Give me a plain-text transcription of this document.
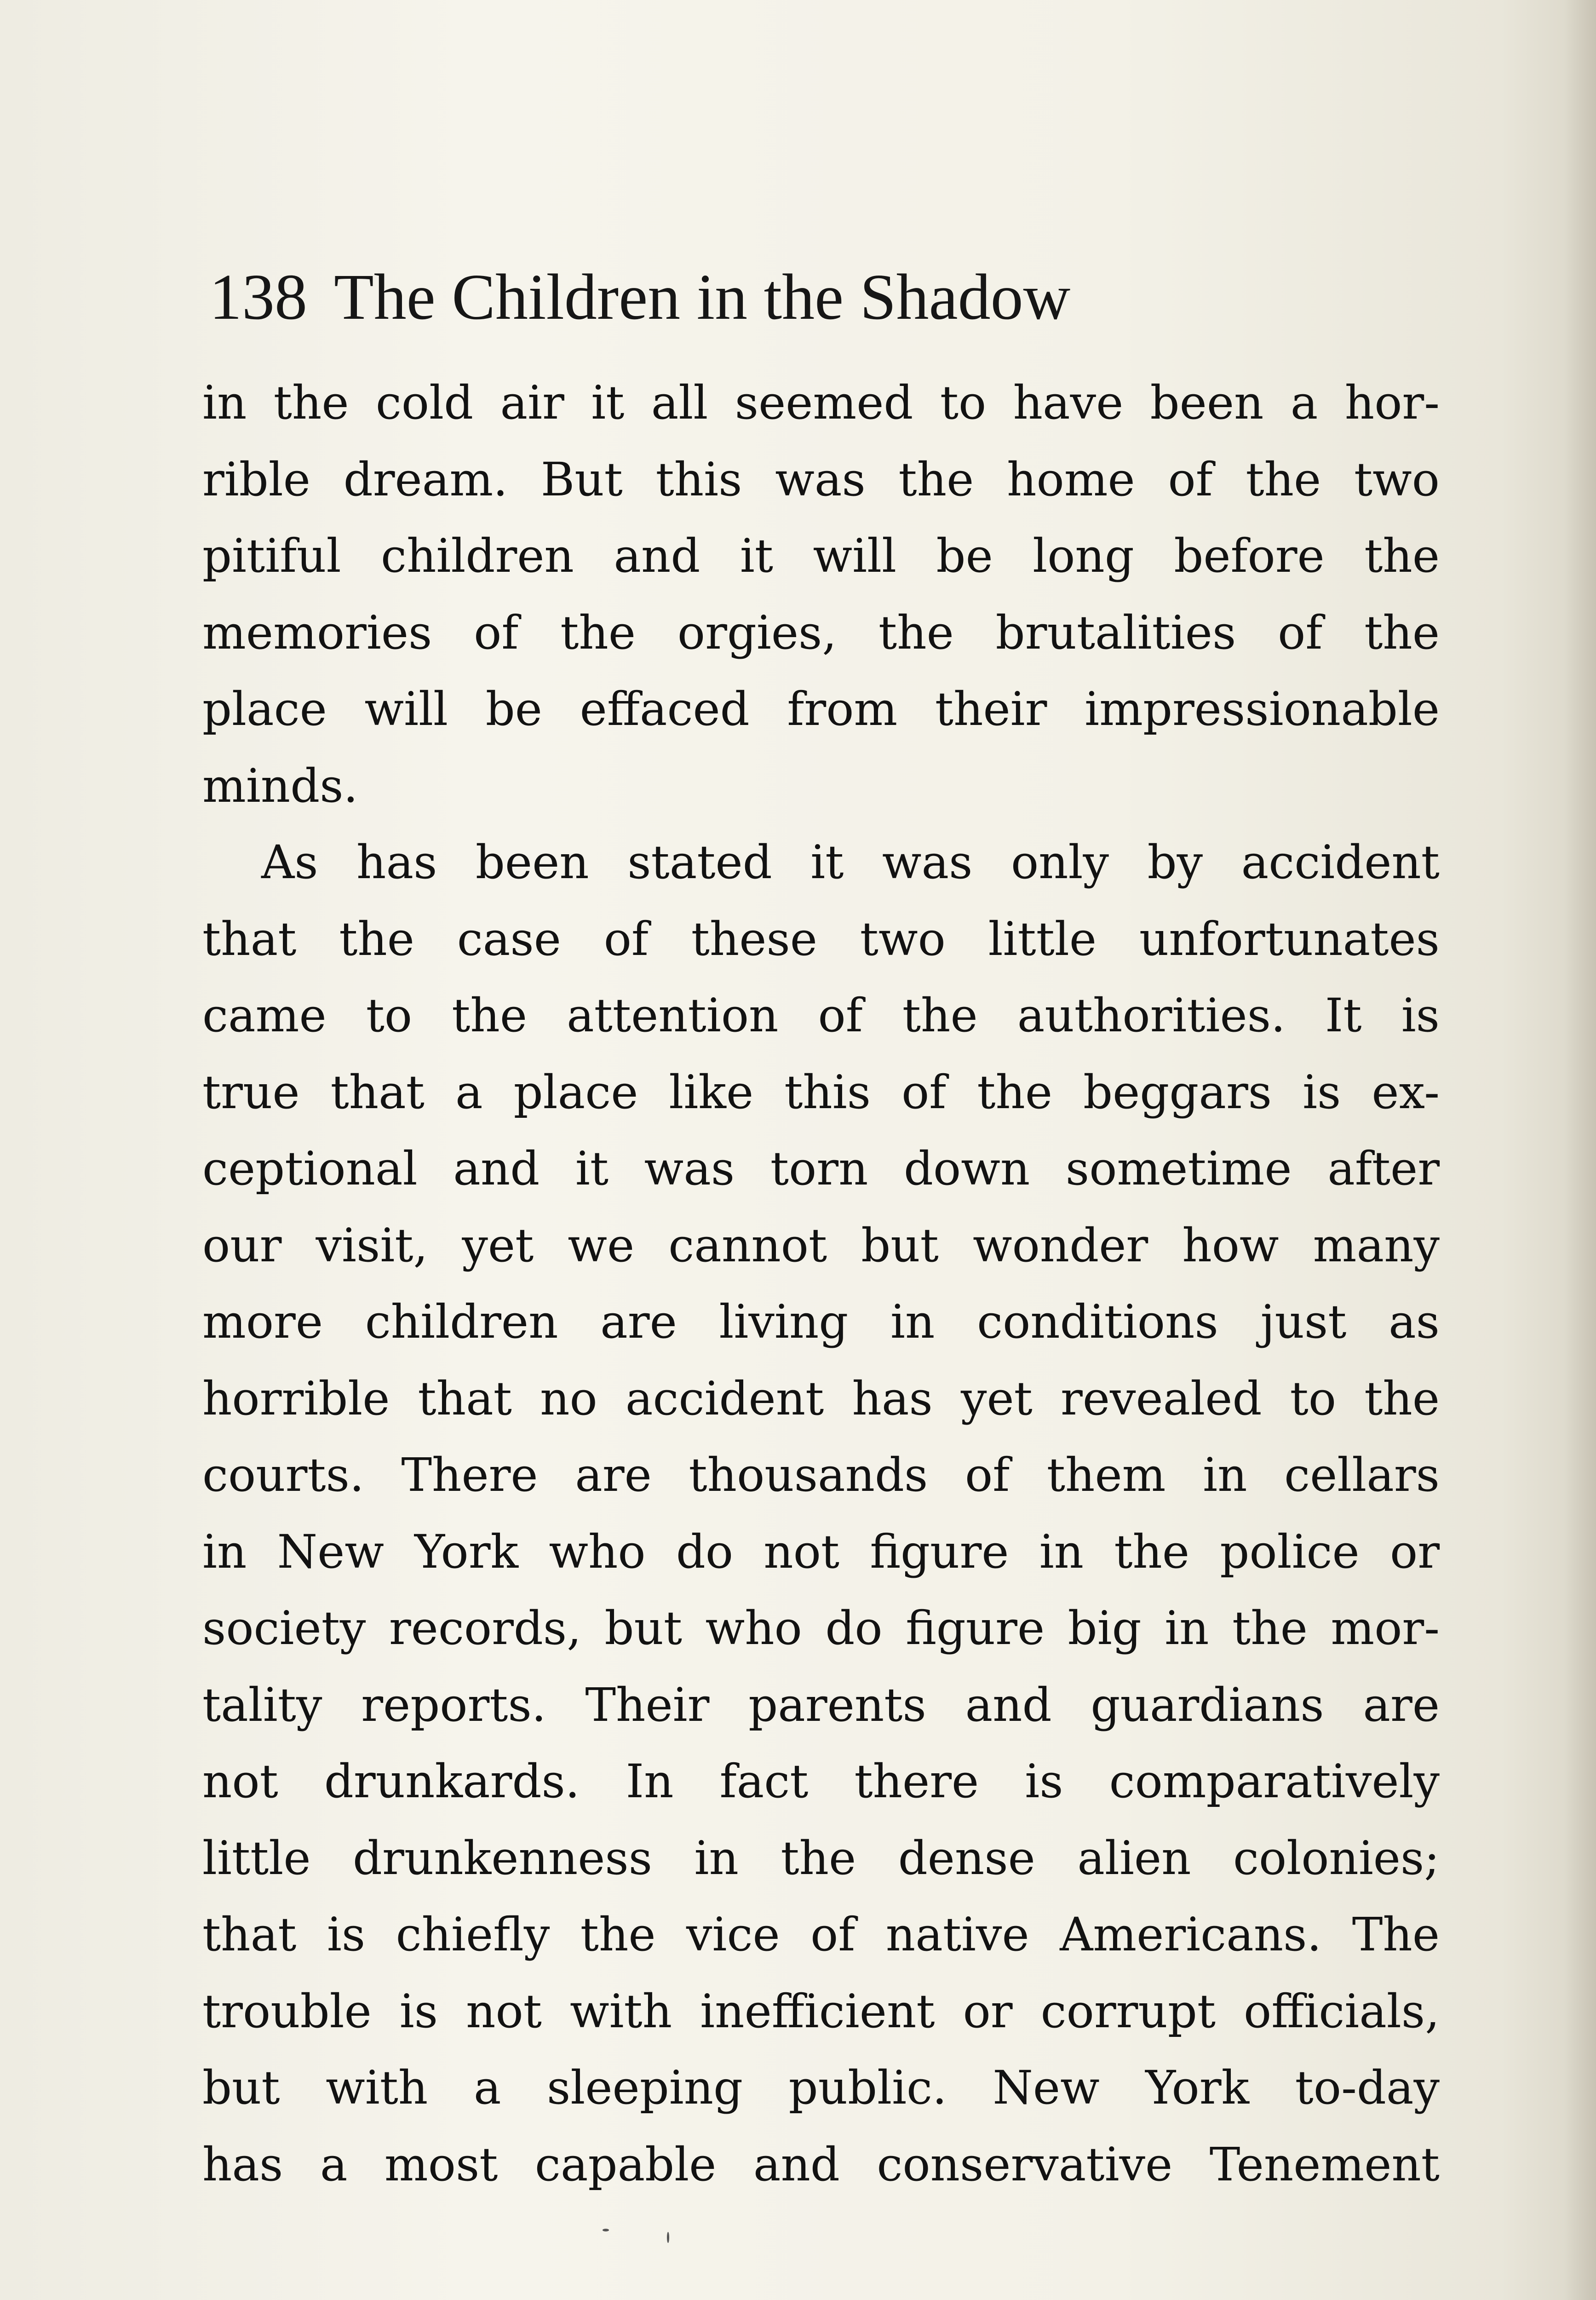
138 The Children in the Shadow
in the cold air it all seemed to have been a hor-
rible dream. But this was the home of the two
pitiful children and it will be long before the
memories of the orgies, the brutalities of the
place will be effaced from their impressionable
minds.
As has been stated it was only by accident
that the case of these two little unfortunates
came to the attention of the authorities. It is
true that a place like this of the beggars is ex-
ceptional and it was torn down sometime after
our visit, yet we cannot but wonder how many
more children are living in conditions just as
horrible that no accident has yet revealed to the
courts. There are thousands of them in cellars
in New York who do not figure in the police or
society records, but who do figure big in the mor-
tality reports. Their parents and guardians are
not drunkards. In fact there is comparatively
little drunkenness in the dense alien colonies;
that is chiefly the vice of native Americans. The
trouble is not with inefficient or corrupt officials,
but with a sleeping public. New York to-day
has a most capable and conservative Tenement
